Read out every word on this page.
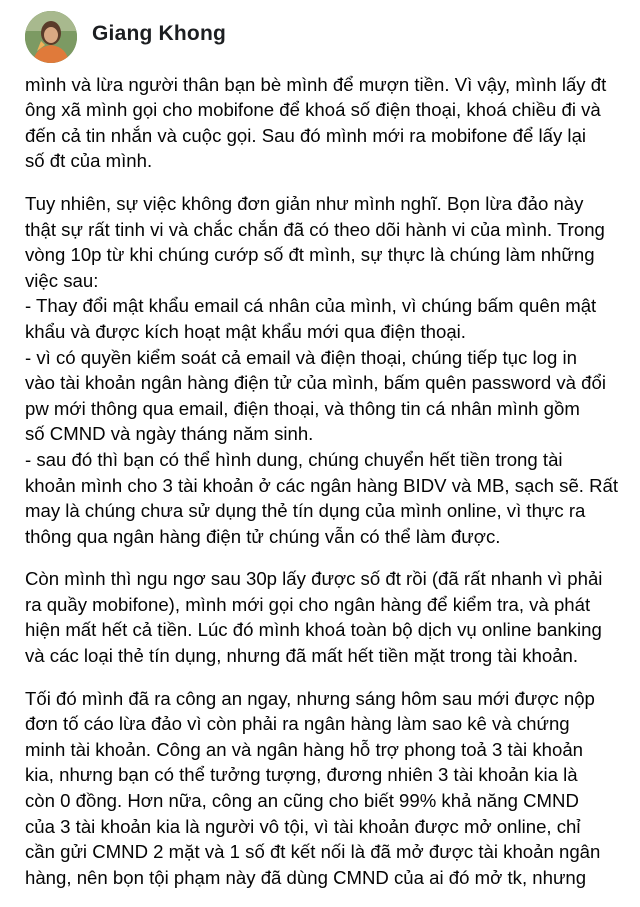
Giang Khong
mình và lừa người thân bạn bè mình để mượn tiền. Vì vậy, mình lấy đt
ông xã mình gọi cho mobifone để khoá số điện thoại, khoá chiều đi và
đến cả tin nhắn và cuộc gọi. Sau đó mình mới ra mobifone để lấy lại
số đt của mình.
Tuy nhiên, sự việc không đơn giản như mình nghĩ. Bọn lừa đảo này
thật sự rất tinh vi và chắc chắn đã có theo dõi hành vi của mình. Trong
vòng 10p từ khi chúng cướp số đt mình, sự thực là chúng làm những
việc sau:
- Thay đổi mật khẩu email cá nhân của mình, vì chúng bấm quên mật
khẩu và được kích hoạt mật khẩu mới qua điện thoại.
- vì có quyền kiểm soát cả email và điện thoại, chúng tiếp tục log in
vào tài khoản ngân hàng điện tử của mình, bấm quên password và đổi
pw mới thông qua email, điện thoại, và thông tin cá nhân mình gồm
số CMND và ngày tháng năm sinh.
- sau đó thì bạn có thể hình dung, chúng chuyển hết tiền trong tài
khoản mình cho 3 tài khoản ở các ngân hàng BIDV và MB, sạch sẽ. Rất
may là chúng chưa sử dụng thẻ tín dụng của mình online, vì thực ra
thông qua ngân hàng điện tử chúng vẫn có thể làm được.
Còn mình thì ngu ngơ sau 30p lấy được số đt rồi (đã rất nhanh vì phải
ra quầy mobifone), mình mới gọi cho ngân hàng để kiểm tra, và phát
hiện mất hết cả tiền. Lúc đó mình khoá toàn bộ dịch vụ online banking
và các loại thẻ tín dụng, nhưng đã mất hết tiền mặt trong tài khoản.
Tối đó mình đã ra công an ngay, nhưng sáng hôm sau mới được nộp
đơn tố cáo lừa đảo vì còn phải ra ngân hàng làm sao kê và chứng
minh tài khoản. Công an và ngân hàng hỗ trợ phong toả 3 tài khoản
kia, nhưng bạn có thể tưởng tượng, đương nhiên 3 tài khoản kia là
còn 0 đồng. Hơn nữa, công an cũng cho biết 99% khả năng CMND
của 3 tài khoản kia là người vô tội, vì tài khoản được mở online, chỉ
cần gửi CMND 2 mặt và 1 số đt kết nối là đã mở được tài khoản ngân
hàng, nên bọn tội phạm này đã dùng CMND của ai đó mở tk, nhưng
